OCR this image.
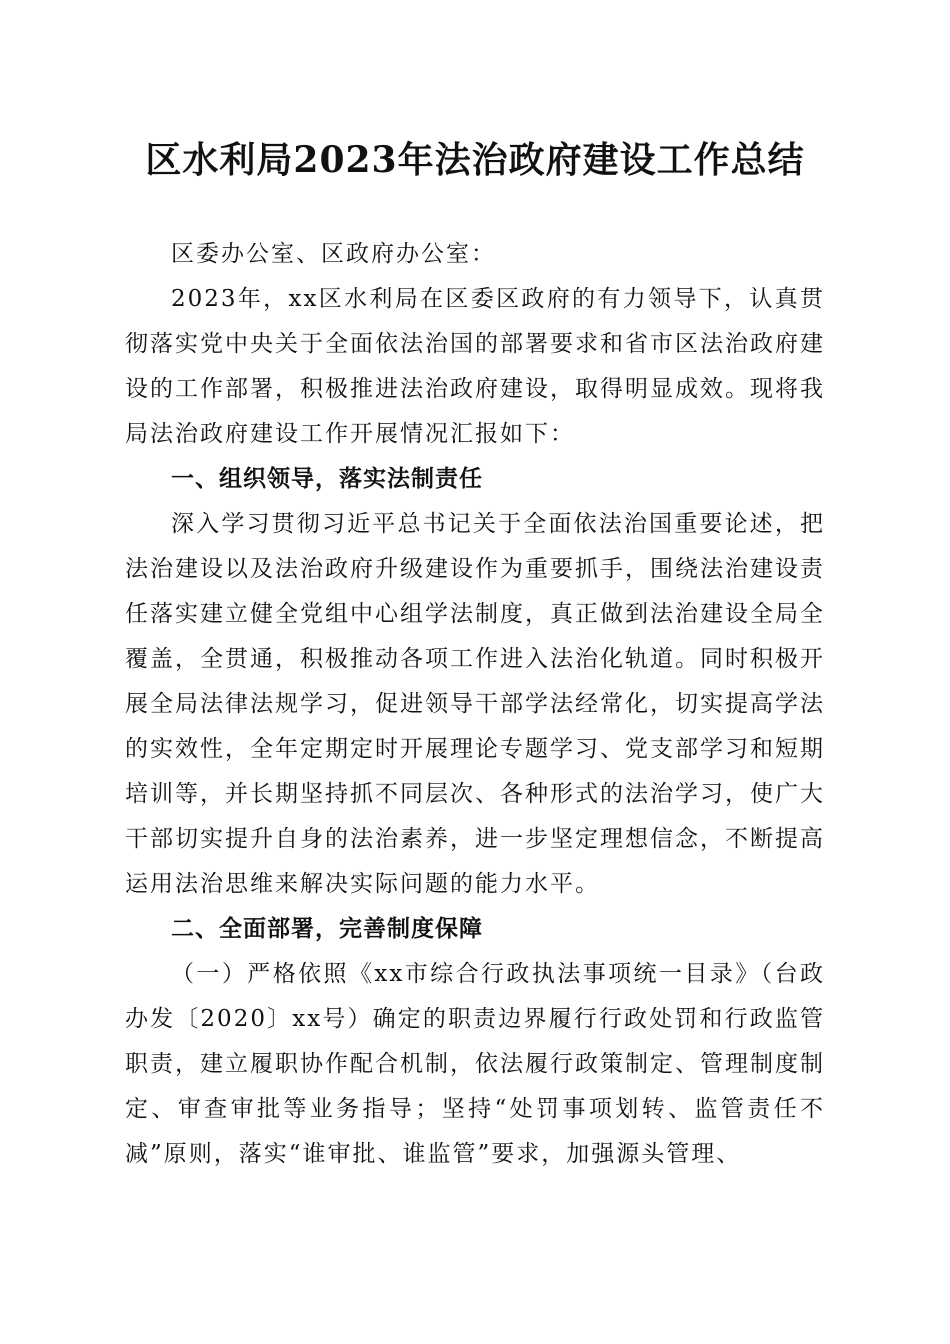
区水利局2023年法治政府建设工作总结

区委办公室、区政府办公室：

2023年，xx区水利局在区委区政府的有力领导下，认真贯彻落实党中央关于全面依法治国的部署要求和省市区法治政府建设的工作部署，积极推进法治政府建设，取得明显成效。现将我局法治政府建设工作开展情况汇报如下：

一、组织领导，落实法制责任

深入学习贯彻习近平总书记关于全面依法治国重要论述，把法治建设以及法治政府升级建设作为重要抓手，围绕法治建设责任落实建立健全党组中心组学法制度，真正做到法治建设全局全覆盖，全贯通，积极推动各项工作进入法治化轨道。同时积极开展全局法律法规学习，促进领导干部学法经常化，切实提高学法的实效性，全年定期定时开展理论专题学习、党支部学习和短期培训等，并长期坚持抓不同层次、各种形式的法治学习，使广大干部切实提升自身的法治素养，进一步坚定理想信念，不断提高运用法治思维来解决实际问题的能力水平。

二、全面部署，完善制度保障

（一）严格依照《xx市综合行政执法事项统一目录》（台政办发〔2020〕xx号）确定的职责边界履行行政处罚和行政监管职责，建立履职协作配合机制，依法履行政策制定、管理制度制定、审查审批等业务指导；坚持“处罚事项划转、监管责任不减”原则，落实“谁审批、谁监管”要求，加强源头管理、
